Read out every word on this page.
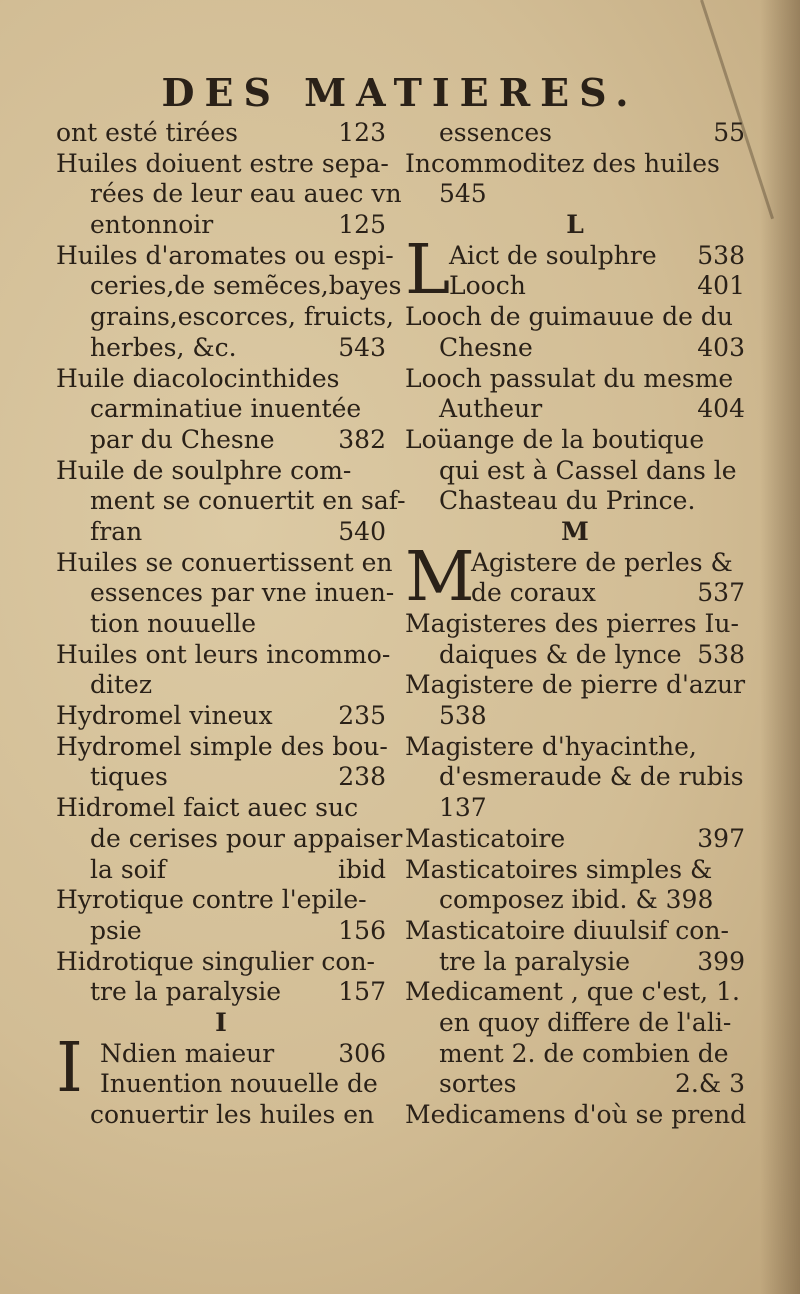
DES MATIERES.
ont esté tirées	123
Huiles doiuent estre sepa-
rées de leur eau auec vn
entonnoir	125
Huiles d'aromates ou espi-
ceries,de semẽces,bayes
grains,escorces, fruicts,
herbes, &c.	543
Huile diacolocinthides
carminatiue inuentée
par du Chesne	382
Huile de soulphre com-
ment se conuertit en saf-
fran	540
Huiles se conuertissent en
essences par vne inuen-
tion nouuelle
Huiles ont leurs incommo-
ditez
Hydromel vineux	235
Hydromel simple des bou-
tiques	238
Hidromel faict auec suc
de cerises pour appaiser
la soif	ibid
Hyrotique contre l'epile-
psie	156
Hidrotique singulier con-
tre la paralysie 157
I
I Ndien maieur	306
Inuention nouuelle de
conuertir les huiles en
essences	55
Incommoditez des huiles
545
L
L
Aict de soulphre 538
Looch	401
Looch de guimauue de du
Chesne	403
Looch passulat du mesme
Autheur	404
Loüange de la boutique
qui est à Cassel dans le
Chasteau du Prince.
M
M
Agistere de perles &
de coraux	537
Magisteres des pierres Iu-
daiques & de lynce 538
Magistere de pierre d'azur
538
Magistere d'hyacinthe,
d'esmeraude & de rubis
137
Masticatoire	397
Masticatoires simples &
composez ibid. & 398
Masticatoire diuulsif con-
tre la paralysie	399
Medicament , que c'est, 1.
en quoy differe de l'ali-
ment 2. de combien de
sortes	2.& 3
Medicamens d'où se prend
